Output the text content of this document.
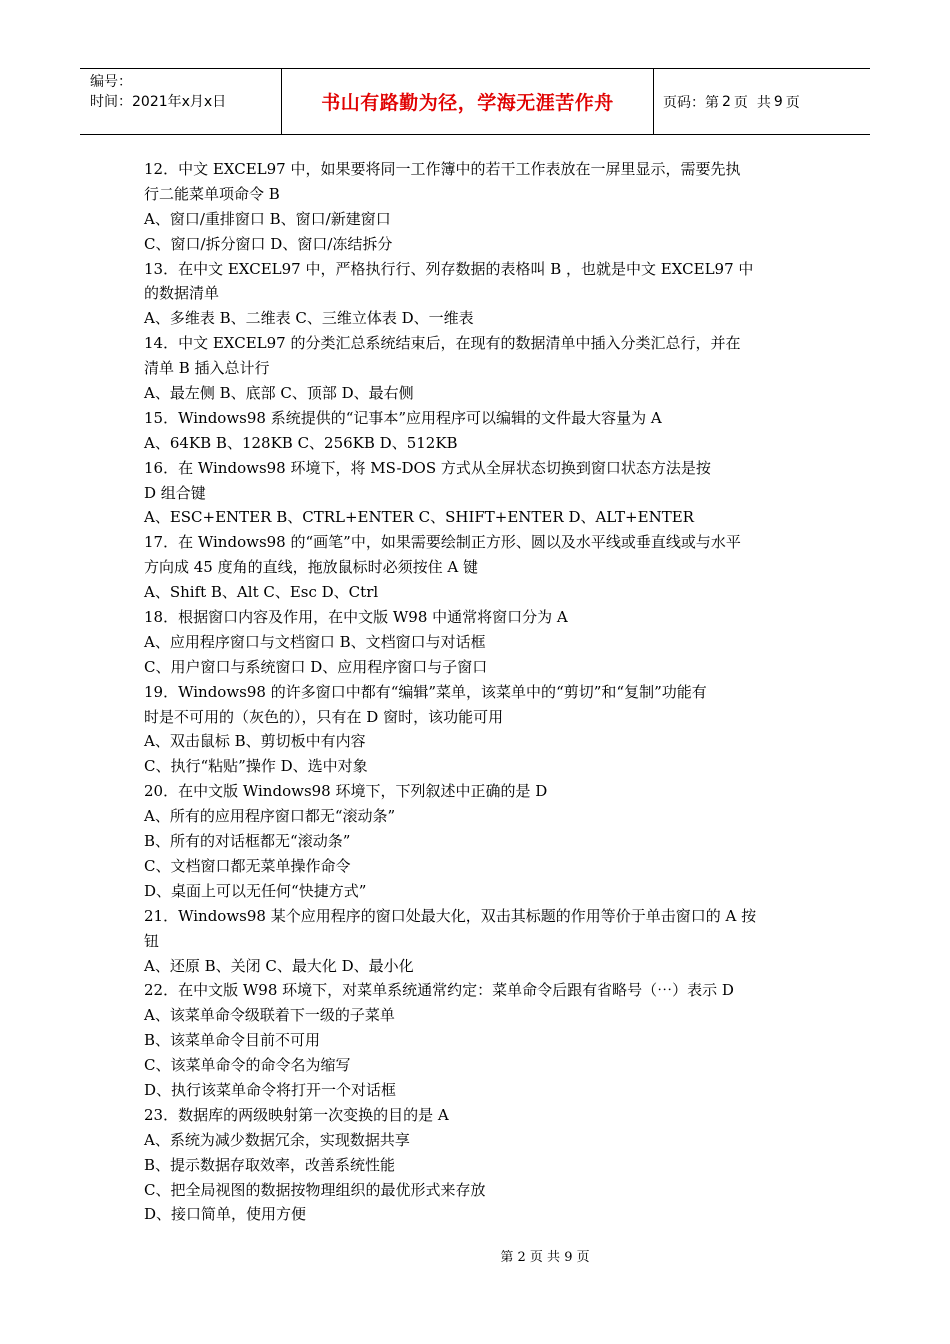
编号：
时间：2021年x月x日	书山有路勤为径，学海无涯苦作舟	页码：第 2 页  共 9 页
12．中文 EXCEL97 中，如果要将同一工作簿中的若干工作表放在一屏里显示，需要先执
行二能菜单项命令 B
A、窗口/重排窗口 B、窗口/新建窗口
C、窗口/拆分窗口 D、窗口/冻结拆分
13．在中文 EXCEL97 中，严格执行行、列存数据的表格叫 B ，也就是中文 EXCEL97 中
的数据清单
A、多维表 B、二维表 C、三维立体表 D、一维表
14．中文 EXCEL97 的分类汇总系统结束后，在现有的数据清单中插入分类汇总行，并在
清单 B 插入总计行
A、最左侧 B、底部 C、顶部 D、最右侧
15．Windows98 系统提供的“记事本”应用程序可以编辑的文件最大容量为 A
A、64KB B、128KB C、256KB D、512KB
16．在 Windows98 环境下，将 MS-DOS 方式从全屏状态切换到窗口状态方法是按
D 组合键
A、ESC+ENTER B、CTRL+ENTER C、SHIFT+ENTER D、ALT+ENTER
17．在 Windows98 的“画笔”中，如果需要绘制正方形、圆以及水平线或垂直线或与水平
方向成 45 度角的直线，拖放鼠标时必须按住 A 键
A、Shift B、Alt C、Esc D、Ctrl
18．根据窗口内容及作用，在中文版 W98 中通常将窗口分为 A
A、应用程序窗口与文档窗口 B、文档窗口与对话框
C、用户窗口与系统窗口 D、应用程序窗口与子窗口
19．Windows98 的许多窗口中都有“编辑”菜单，该菜单中的“剪切”和“复制”功能有
时是不可用的（灰色的），只有在 D 窗时，该功能可用
A、双击鼠标 B、剪切板中有内容
C、执行“粘贴”操作 D、选中对象
20．在中文版 Windows98 环境下，下列叙述中正确的是 D
A、所有的应用程序窗口都无“滚动条”
B、所有的对话框都无“滚动条”
C、文档窗口都无菜单操作命令
D、桌面上可以无任何“快捷方式”
21．Windows98 某个应用程序的窗口处最大化，双击其标题的作用等价于单击窗口的 A 按
钮
A、还原 B、关闭 C、最大化 D、最小化
22．在中文版 W98 环境下，对菜单系统通常约定：菜单命令后跟有省略号（⋯）表示 D
A、该菜单命令级联着下一级的子菜单
B、该菜单命令目前不可用
C、该菜单命令的命令名为缩写
D、执行该菜单命令将打开一个对话框
23．数据库的两级映射第一次变换的目的是 A
A、系统为减少数据冗余，实现数据共享
B、提示数据存取效率，改善系统性能
C、把全局视图的数据按物理组织的最优形式来存放
D、接口简单，使用方便
第 2 页 共 9 页
